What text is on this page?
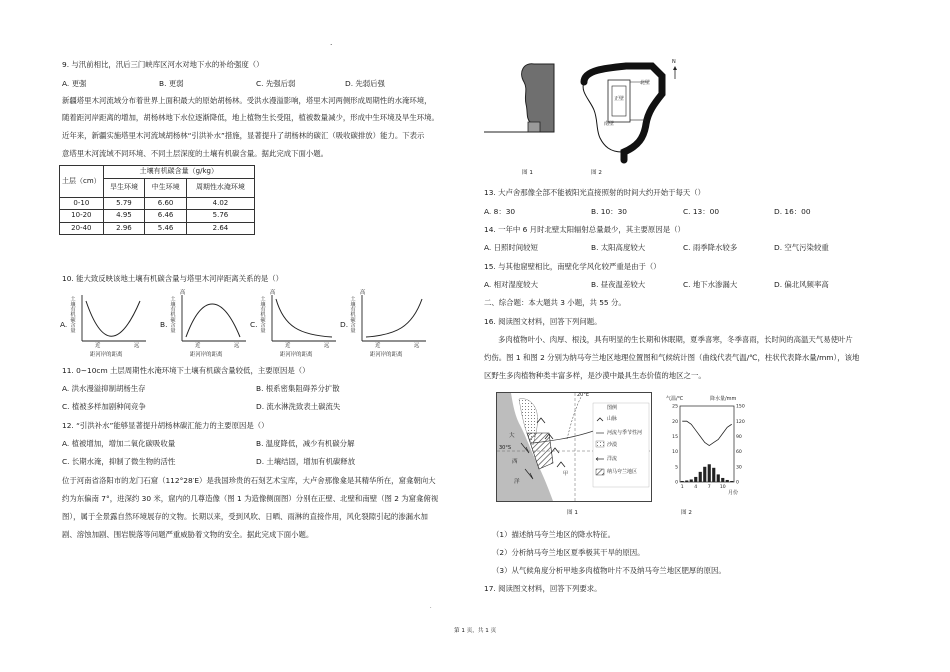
·
9. 与汛前相比，汛后三门峡库区河水对地下水的补给强度（）
A. 更强	B. 更弱	C. 先强后弱	D. 先弱后强
新疆塔里木河流域分布着世界上面积最大的原始胡杨林。受洪水漫溢影响，塔里木河两侧形成周期性的水淹环境，
随着距河岸距离的增加，胡杨林地下水位逐渐降低，地上植物生长受阻，植被数量减少，形成中生环境及旱生环境。
近年来，新疆实施塔里木河流域胡杨林“引洪补水”措施，显著提升了胡杨林的碳汇（吸收碳排放）能力。下表示
意塔里木河流域不同环境、不同土层深度的土壤有机碳含量。据此完成下面小题。
土层（cm）	土壤有机碳含量（g/kg）		
	旱生环境	中生环境	周期性水淹环境
0-10	5.79	6.60	4.02
10-20	4.95	6.46	5.76
20-40	2.96	5.46	2.64
10. 能大致反映该地土壤有机碳含量与塔里木河岸距离关系的是（）
A. 土壤有机碳含量
近	远
距河岸的距离
B. 土壤有机碳含量
高
近	远
距河岸的距离
C. 土壤有机碳含量
高
近	远
距河岸的距离
D. 土壤有机碳含量
高
近	远
距河岸的距离
11. 0~10cm 土层周期性水淹环境下土壤有机碳含量较低，主要原因是（）
A. 洪水漫溢抑制胡杨生存	B. 根系密集阻碍养分扩散
C. 植被多样加剧种间竞争	D. 流水淋洗致表土碳流失
12. “引洪补水”能够显著提升胡杨林碳汇能力的主要原因是（）
A. 植被增加，增加二氧化碳吸收量	B. 温度降低，减少有机碳分解
C. 长期水淹，抑制了微生物的活性	D. 土壤结固，增加有机碳释放
位于河南省洛阳市的龙门石窟（112°28′E）是我国珍贵的石刻艺术宝库，大卢舍那像龛是其精华所在，窟龛朝向大
约为东偏南 7°，进深约 30 米，窟内的几尊造像（图 1 为造像侧面图）分别在正壁、北壁和南壁（图 2 为窟龛俯视
图），属于全景露自然环境展存的文物。长期以来，受到风吹、日晒、雨淋的直接作用，风化裂隙引起的渗漏水加
剧、溶蚀加剧、围岩脱落等问题严重威胁着文物的安全。据此完成下面小题。
图 1
北壁
正壁
南壁
N
图 2
13. 大卢舍那像全部不能被阳光直接照射的时间大约开始于每天（）
A. 8：30	B. 10：30	C. 13：00	D. 16：00
14. 一年中 6 月时北壁太阳辐射总量最少，其主要原因是（）
A. 日照时间较短	B. 太阳高度较大	C. 雨季降水较多	D. 空气污染较重
15. 与其他窟壁相比，南壁化学风化较严重是由于（）
A. 相对湿度较大	B. 昼夜温差较大	C. 地下水渗漏大	D. 偏北风频率高
二、综合题：本大题共 3 小题，共 55 分。
16. 阅读图文材料，回答下列问题。
多肉植物叶小、肉厚、根浅，具有明显的生长期和休眠期，夏季喜寒，冬季喜雨，长时间的高温天气易使叶片
灼伤。图 1 和图 2 分别为纳马夸兰地区地理位置图和气候统计图（曲线代表气温/℃，柱状代表降水量/mm），该地
区野生多肉植物种类丰富多样，是沙漠中最具生态价值的地区之一。
20°E
30°S
大
西
洋
甲
图例
山脉
河流与季节性河
沙漠
洋流
纳马夸兰地区
图 1
气温/℃	降水量/mm
25
20
15
10
5
0
150
120
90
60
30
0
1 4 7 10
月份
图 2
（1）描述纳马夸兰地区的降水特征。
（2）分析纳马夸兰地区夏季极其干旱的原因。
（3）从气候角度分析甲地多肉植物叶片不及纳马夸兰地区肥厚的原因。
17. 阅读图文材料，回答下列要求。
·
第 1 页，共 1 页
